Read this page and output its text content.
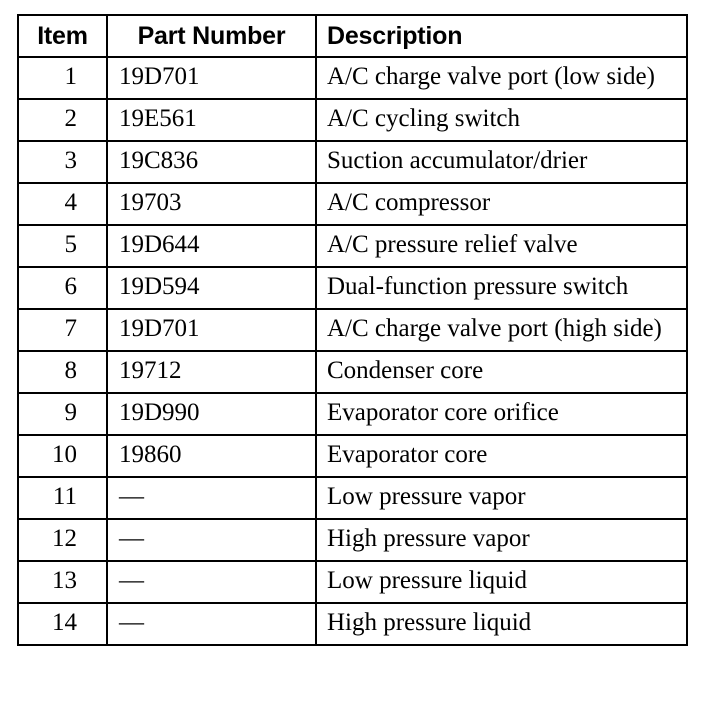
Item	Part Number	Description
1	19D701	A/C charge valve port (low side)
2	19E561	A/C cycling switch
3	19C836	Suction accumulator/drier
4	19703	A/C compressor
5	19D644	A/C pressure relief valve
6	19D594	Dual-function pressure switch
7	19D701	A/C charge valve port (high side)
8	19712	Condenser core
9	19D990	Evaporator core orifice
10	19860	Evaporator core
11	—	Low pressure vapor
12	—	High pressure vapor
13	—	Low pressure liquid
14	—	High pressure liquid
